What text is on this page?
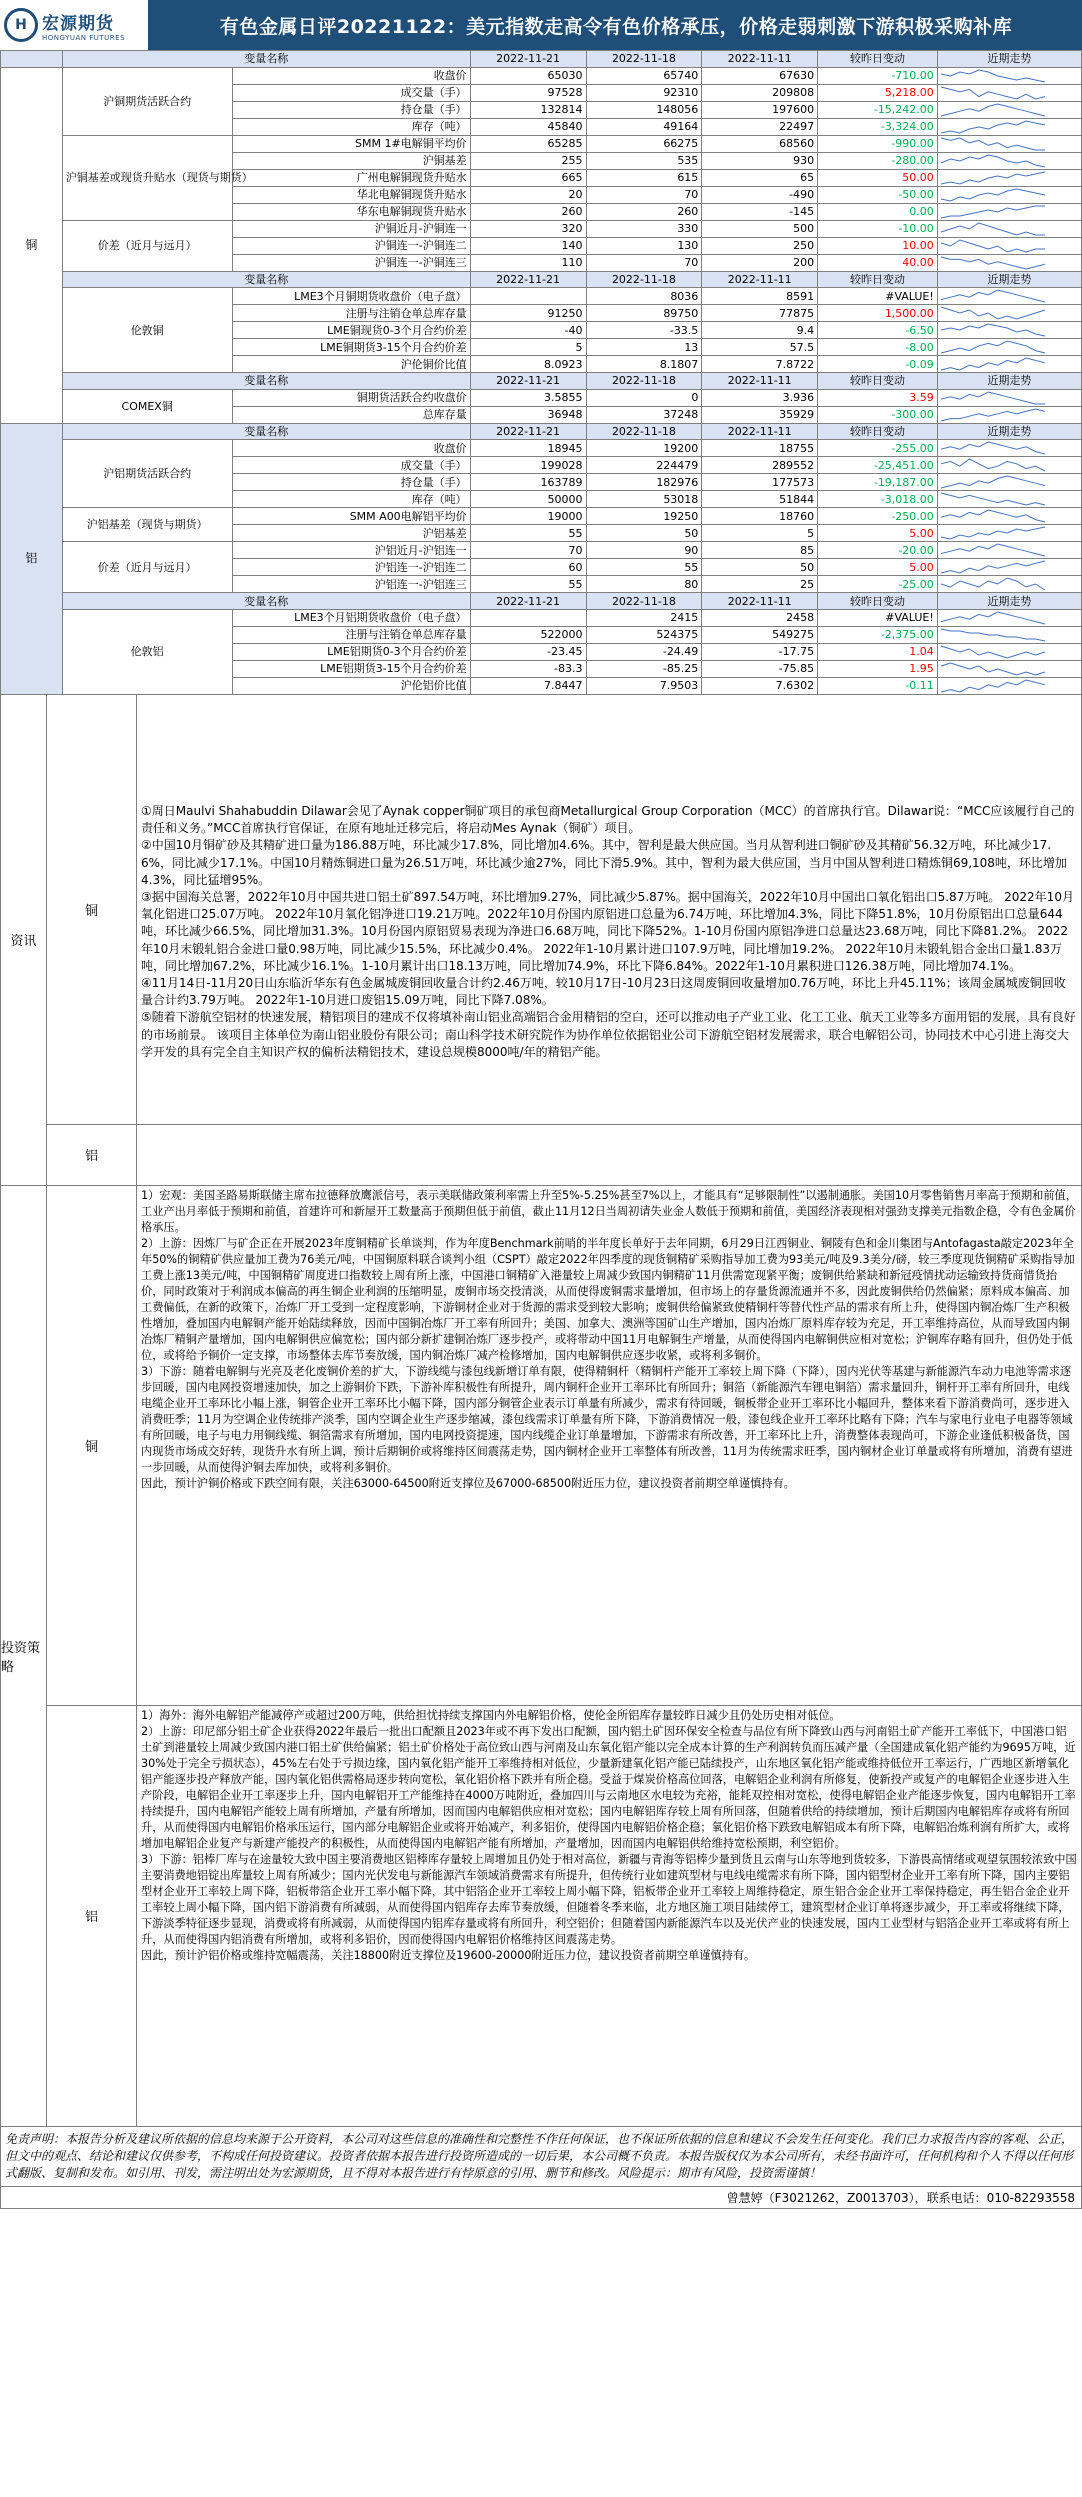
H 宏源期货
HONGYUAN FUTURES	有色金属日评20221122：美元指数走高令有色价格承压，价格走弱刺激下游积极采购补库
	变量名称		2022-11-21	2022-11-18	2022-11-11	较昨日变动	近期走势
铜	沪铜期货活跃合约	收盘价	65030	65740	67630	-710.00	

		成交量（手）	97528	92310	209808	5,218.00	

		持仓量（手）	132814	148056	197600	-15,242.00	

		库存（吨）	45840	49164	22497	-3,324.00	

	沪铜基差或现货升贴水（现货与期货）	SMM 1#电解铜平均价	65285	66275	68560	-990.00	

		沪铜基差	255	535	930	-280.00	

		广州电解铜现货升贴水	665	615	65	50.00	

		华北电解铜现货升贴水	20	70	-490	-50.00	

		华东电解铜现货升贴水	260	260	-145	0.00	

	价差（近月与远月）	沪铜近月-沪铜连一	320	330	500	-10.00	

		沪铜连一-沪铜连二	140	130	250	10.00	

		沪铜连一-沪铜连三	110	70	200	40.00	

	变量名称		2022-11-21	2022-11-18	2022-11-11	较昨日变动	近期走势
	伦敦铜	LME3个月铜期货收盘价（电子盘）		8036	8591	#VALUE!	

		注册与注销仓单总库存量	91250	89750	77875	1,500.00	

		LME铜现货0-3个月合约价差	-40	-33.5	9.4	-6.50	

		LME铜期货3-15个月合约价差	5	13	57.5	-8.00	

		沪伦铜价比值	8.0923	8.1807	7.8722	-0.09	

	变量名称		2022-11-21	2022-11-18	2022-11-11	较昨日变动	近期走势
	COMEX铜	铜期货活跃合约收盘价	3.5855	0	3.936	3.59	

		总库存量	36948	37248	35929	-300.00	

铝	变量名称		2022-11-21	2022-11-18	2022-11-11	较昨日变动	近期走势
	沪铝期货活跃合约	收盘价	18945	19200	18755	-255.00	

		成交量（手）	199028	224479	289552	-25,451.00	

		持仓量（手）	163789	182976	177573	-19,187.00	

		库存（吨）	50000	53018	51844	-3,018.00	

	沪铝基差（现货与期货）	SMM A00电解铝平均价	19000	19250	18760	-250.00	

		沪铝基差	55	50	5	5.00	

	价差（近月与远月）	沪铝近月-沪铝连一	70	90	85	-20.00	

		沪铝连一-沪铝连二	60	55	50	5.00	

		沪铝连一-沪铝连三	55	80	25	-25.00	

	变量名称		2022-11-21	2022-11-18	2022-11-11	较昨日变动	近期走势
	伦敦铝	LME3个月铝期货收盘价（电子盘）		2415	2458	#VALUE!	

		注册与注销仓单总库存量	522000	524375	549275	-2,375.00	

		LME铝期货0-3个月合约价差	-23.45	-24.49	-17.75	1.04	

		LME铝期货3-15个月合约价差	-83.3	-85.25	-75.85	1.95	

		沪伦铝价比值	7.8447	7.9503	7.6302	-0.11	
资讯
铜
①周日Maulvi Shahabuddin Dilawar会见了Aynak copper铜矿项目的承包商Metallurgical Group Corporation（MCC）的首席执行官。Dilawar说：“MCC应该履行自己的责任和义务。”MCC首席执行官保证，在原有地址迁移完后，将启动Mes Aynak（铜矿）项目。
②中国10月铜矿砂及其精矿进口量为186.88万吨，环比减少17.8%，同比增加4.6%。其中，智利是最大供应国。当月从智利进口铜矿砂及其精矿56.32万吨，环比减少17.6%，同比减少17.1%。中国10月精炼铜进口量为26.51万吨，环比减少逾27%，同比下滑5.9%。其中，智利为最大供应国，当月中国从智利进口精炼铜69,108吨，环比增加4.3%，同比猛增95%。
③据中国海关总署，2022年10月中国共进口铝土矿897.54万吨，环比增加9.27%，同比减少5.87%。据中国海关，2022年10月中国出口氧化铝出口5.87万吨。 2022年10月氧化铝进口25.07万吨。 2022年10月氧化铝净进口19.21万吨。2022年10月份国内原铝进口总量为6.74万吨，环比增加4.3%，同比下降51.8%，10月份原铝出口总量644吨，环比减少66.5%，同比增加31.3%。10月份国内原铝贸易表现为净进口6.68万吨，同比下降52%。1-10月份国内原铝净进口总量达23.68万吨，同比下降81.2%。 2022年10月末锻轧铝合金进口量0.98万吨，同比减少15.5%，环比减少0.4%。 2022年1-10月累计进口107.9万吨，同比增加19.2%。 2022年10月未锻轧铝合金出口量1.83万吨，同比增加67.2%，环比减少16.1%。1-10月累计出口18.13万吨，同比增加74.9%，环比下降6.84%。2022年1-10月累积进口126.38万吨，同比增加74.1%。
④11月14日-11月20日山东临沂华东有色金属城废铜回收量合计约2.46万吨，较10月17日-10月23日这周废铜回收量增加0.76万吨，环比上升45.11%；该周金属城废铜回收量合计约3.79万吨。 2022年1-10月进口废铝15.09万吨，同比下降7.08%。
⑤随着下游航空铝材的快速发展，精铝项目的建成不仅将填补南山铝业高端铝合金用精铝的空白，还可以推动电子产业工业、化工工业、航天工业等多方面用铝的发展，具有良好的市场前景。 该项目主体单位为南山铝业股份有限公司；南山科学技术研究院作为协作单位依据铝业公司下游航空铝材发展需求，联合电解铝公司，协同技术中心引进上海交大学开发的具有完全自主知识产权的偏析法精铝技术，建设总规模8000吨/年的精铝产能。
铝
投资策略
铜
1）宏观：美国圣路易斯联储主席布拉德释放鹰派信号，表示美联储政策利率需上升至5%-5.25%甚至7%以上，才能具有“足够限制性”以遏制通胀。美国10月零售销售月率高于预期和前值，工业产出月率低于预期和前值，首建许可和新屋开工数量高于预期但低于前值，截止11月12日当周初请失业金人数低于预期和前值，美国经济表现相对强劲支撑美元指数企稳，令有色金属价格承压。
2）上游：因炼厂与矿企正在开展2023年度铜精矿长单谈判，作为年度Benchmark前哨的半年度长单好于去年同期，6月29日江西铜业、铜陵有色和金川集团与Antofagasta敲定2023年全年50%的铜精矿供应量加工费为76美元/吨，中国铜原料联合谈判小组（CSPT）敲定2022年四季度的现货铜精矿采购指导加工费为93美元/吨及9.3美分/磅，较三季度现货铜精矿采购指导加工费上涨13美元/吨，中国铜精矿周度进口指数较上周有所上涨，中国港口铜精矿入港量较上周减少致国内铜精矿11月供需宽现紧平衡；废铜供给紧缺和新冠疫情扰动运输致持货商惜货抬价，同时政策对于利润成本偏高的再生铜企业利润的压缩明显，废铜市场交投清淡，从而使得废铜需求量增加，但市场上的存量货源流通并不多，因此废铜供给仍然偏紧；原料成本偏高、加工费偏低，在新的政策下，冶炼厂开工受到一定程度影响，下游铜材企业对于货源的需求受到较大影响；废铜供给偏紧致使精铜杆等替代性产品的需求有所上升，使得国内铜冶炼厂生产积极性增加，叠加国内电解铜产能开始陆续释放，因而中国铜冶炼厂开工率有所回升；美国、加拿大、澳洲等国矿山生产增加，国内冶炼厂原料库存较为充足，开工率维持高位，从而导致国内铜冶炼厂精铜产量增加，国内电解铜供应偏宽松；国内部分新扩建铜冶炼厂逐步投产，或将带动中国11月电解铜生产增量，从而使得国内电解铜供应相对宽松；沪铜库存略有回升，但仍处于低位，或将给予铜价一定支撑，市场整体去库节奏放缓，国内铜冶炼厂减产检修增加，国内电解铜供应逐步收紧，或将利多铜价。
3）下游：随着电解铜与光亮及老化废铜价差的扩大，下游线缆与漆包线新增订单有限，使得精铜杆（精铜杆产能开工率较上周下降（下降），国内光伏等基建与新能源汽车动力电池等需求逐步回暖，国内电网投资增速加快，加之上游铜价下跌，下游补库积极性有所提升，周内铜杆企业开工率环比有所回升；铜箔（新能源汽车锂电铜箔）需求量回升，铜杆开工率有所回升，电线电缆企业开工率环比小幅上涨，铜管企业开工率环比小幅下降，国内部分铜管企业表示订单量有所减少，需求有待回暖，铜板带企业开工率环比小幅回升，整体来看下游消费尚可，逐步进入消费旺季；11月为空调企业传统排产淡季，国内空调企业生产逐步缩减，漆包线需求订单量有所下降，下游消费情况一般，漆包线企业开工率环比略有下降；汽车与家电行业电子电器等领域有所回暖，电子与电力用铜线缆、铜箔需求有所增加，国内电网投资提速，国内线缆企业订单量增加，下游需求有所改善，开工率环比上升，消费整体表现尚可，下游企业逢低积极备货，国内现货市场成交好转，现货升水有所上调，预计后期铜价或将维持区间震荡走势，国内铜材企业开工率整体有所改善，11月为传统需求旺季，国内铜材企业订单量或将有所增加，消费有望进一步回暖，从而使得沪铜去库加快，或将利多铜价。
因此，预计沪铜价格或下跌空间有限，关注63000-64500附近支撑位及67000-68500附近压力位，建议投资者前期空单谨慎持有。
铝
1）海外：海外电解铝产能减停产或超过200万吨，供给担忧持续支撑国内外电解铝价格，使伦金所铝库存量较昨日减少且仍处历史相对低位。
2）上游：印尼部分铝土矿企业获得2022年最后一批出口配额且2023年或不再下发出口配额，国内铝土矿因环保安全检查与品位有所下降致山西与河南铝土矿产能开工率低下，中国港口铝土矿到港量较上周减少致国内港口铝土矿供给偏紧；铝土矿价格处于高位致山西与河南及山东氧化铝产能以完全成本计算的生产利润转负而压减产量（全国建成氧化铝产能约为9695万吨，近30%处于完全亏损状态），45%左右处于亏损边缘，国内氧化铝产能开工率维持相对低位，少量新建氧化铝产能已陆续投产，山东地区氧化铝产能或维持低位开工率运行，广西地区新增氧化铝产能逐步投产释放产能，国内氧化铝供需格局逐步转向宽松，氧化铝价格下跌并有所企稳。受益于煤炭价格高位回落，电解铝企业利润有所修复，使新投产或复产的电解铝企业逐步进入生产阶段，电解铝企业开工率逐步上升，国内电解铝开工产能维持在4000万吨附近，叠加四川与云南地区水电较为充裕，能耗双控相对宽松，使得电解铝企业产能逐步恢复，国内电解铝开工率持续提升，国内电解铝产能较上周有所增加，产量有所增加，因而国内电解铝供应相对宽松；国内电解铝库存较上周有所回落，但随着供给的持续增加，预计后期国内电解铝库存或将有所回升，从而使得国内电解铝价格承压运行，国内部分电解铝企业或将开始减产，利多铝价，使得国内电解铝价格企稳；氧化铝价格下跌致电解铝成本有所下降，电解铝冶炼利润有所扩大，或将增加电解铝企业复产与新建产能投产的积极性，从而使得国内电解铝产能有所增加，产量增加，因而国内电解铝供给维持宽松预期，利空铝价。
3）下游：铝棒厂库与在途量较大致中国主要消费地区铝棒库存量较上周增加且仍处于相对高位，新疆与青海等铝棒少量到货且云南与山东等地到货较多，下游畏高情绪或观望氛围较浓致中国主要消费地铝锭出库量较上周有所减少；国内光伏发电与新能源汽车领域消费需求有所提升，但传统行业如建筑型材与电线电缆需求有所下降，国内铝型材企业开工率有所下降，国内主要铝型材企业开工率较上周下降，铝板带箔企业开工率小幅下降，其中铝箔企业开工率较上周小幅下降，铝板带企业开工率较上周维持稳定，原生铝合金企业开工率保持稳定，再生铝合金企业开工率较上周小幅下降，国内铝下游消费有所减弱，从而使得国内铝库存去库节奏放缓，但随着冬季来临，北方地区施工项目陆续停工，建筑型材企业订单将逐步减少，开工率或将继续下降，下游淡季特征逐步显现，消费或将有所减弱，从而使得国内铝库存量或将有所回升，利空铝价；但随着国内新能源汽车以及光伏产业的快速发展，国内工业型材与铝箔企业开工率或将有所上升，从而使得国内铝消费有所增加，或将利多铝价，因而使得国内电解铝价格维持区间震荡走势。
因此，预计沪铝价格或维持宽幅震荡，关注18800附近支撑位及19600-20000附近压力位，建议投资者前期空单谨慎持有。
免责声明：本报告分析及建议所依据的信息均来源于公开资料，本公司对这些信息的准确性和完整性不作任何保证，也不保证所依据的信息和建议不会发生任何变化。我们已力求报告内容的客观、公正，但文中的观点、结论和建议仅供参考，不构成任何投资建议。投资者依据本报告进行投资所造成的一切后果，本公司概不负责。本报告版权仅为本公司所有，未经书面许可，任何机构和个人不得以任何形式翻版、复制和发布。如引用、刊发，需注明出处为宏源期货，且不得对本报告进行有悖原意的引用、删节和修改。风险提示：期市有风险，投资需谨慎！
曾慧婷（F3021262，Z0013703），联系电话：010-82293558
